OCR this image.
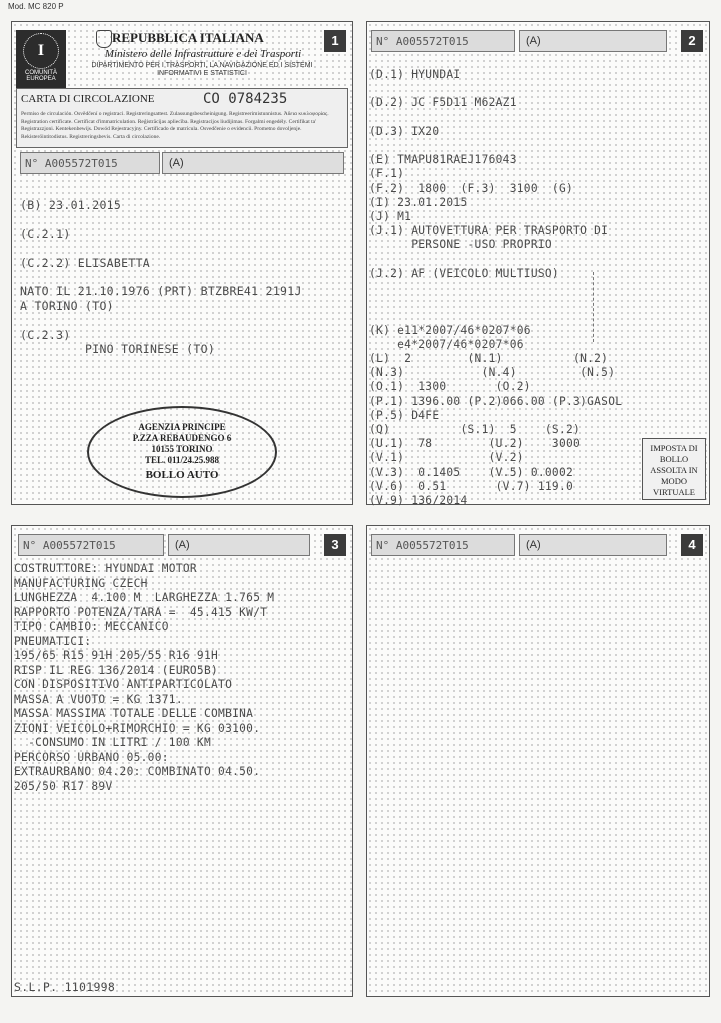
Mod. MC 820 P
1
I
COMUNITÀ EUROPEA
REPUBBLICA ITALIANA
Ministero delle Infrastrutture e dei Trasporti
DIPARTIMENTO PER I TRASPORTI, LA NAVIGAZIONE ED I SISTEMI INFORMATIVI E STATISTICI
CARTA DI CIRCOLAZIONE	CO 0784235
Permiso de circulación. Osvědčení o registraci. Registreringsattest. Zulassungsbescheinigung. Registreerimistunnistus. Άδεια κυκλοφορίας. Registration certificate. Certificat d'immatriculation. Reģistrācijas apliecība. Registracijos liudijimas. Forgalmi engedély. Certifikat ta' Registrazzjoni. Kentekenbewijs. Dowód Rejestracyjny. Certificado de matrícula. Osvedčenie o evidencii. Prometno dovoljenje. Rekisteröintitodistus. Registreringsbevis. Carta di circolazione.
N° A005572T015	(A)
(B) 23.01.2015

(C.2.1)

(C.2.2) ELISABETTA

NATO IL 21.10.1976 (PRT) BTZBRE41 2191J
A TORINO (TO)

(C.2.3)
PINO TORINESE (TO)
AGENZIA PRINCIPE
P.ZZA REBAUDENGO 6
10155 TORINO
TEL. 011/24.25.988
BOLLO AUTO
2
N° A005572T015	(A)
(D.1) HYUNDAI

(D.2) JC F5D11 M62AZ1

(D.3) IX20

(E) TMAPU81RAEJ176043
(F.1)
(F.2)  1800  (F.3)  3100  (G)
(I) 23.01.2015
(J) M1
(J.1) AUTOVETTURA PER TRASPORTO DI
PERSONE -USO PROPRIO

(J.2) AF (VEICOLO MULTIUSO)

(K) e11*2007/46*0207*06
e4*2007/46*0207*06
(L)  2        (N.1)          (N.2)
(N.3)           (N.4)         (N.5)
(O.1)  1300       (O.2)
(P.1) 1396.00 (P.2)066.00 (P.3)GASOL
(P.5) D4FE
(Q)          (S.1)  5    (S.2)
(U.1)  78        (U.2)    3000
(V.1)            (V.2)
(V.3)  0.1405    (V.5) 0.0002
(V.6)  0.51       (V.7) 119.0
(V.9) 136/2014
IMPOSTA DI BOLLO ASSOLTA IN MODO VIRTUALE
3
N° A005572T015	(A)
COSTRUTTORE: HYUNDAI MOTOR
MANUFACTURING CZECH
LUNGHEZZA  4.100 M  LARGHEZZA 1.765 M
RAPPORTO POTENZA/TARA =  45.415 KW/T
TIPO CAMBIO: MECCANICO
PNEUMATICI:
195/65 R15 91H 205/55 R16 91H
RISP IL REG 136/2014 (EURO5B)
CON DISPOSITIVO ANTIPARTICOLATO
MASSA A VUOTO = KG 1371.
MASSA MASSIMA TOTALE DELLE COMBINA
ZIONI VEICOLO+RIMORCHIO = KG 03100.
-CONSUMO IN LITRI / 100 KM
PERCORSO URBANO 05.00:
EXTRAURBANO 04.20: COMBINATO 04.50.
205/50 R17 89V
S.L.P. 1101998
4
N° A005572T015	(A)
